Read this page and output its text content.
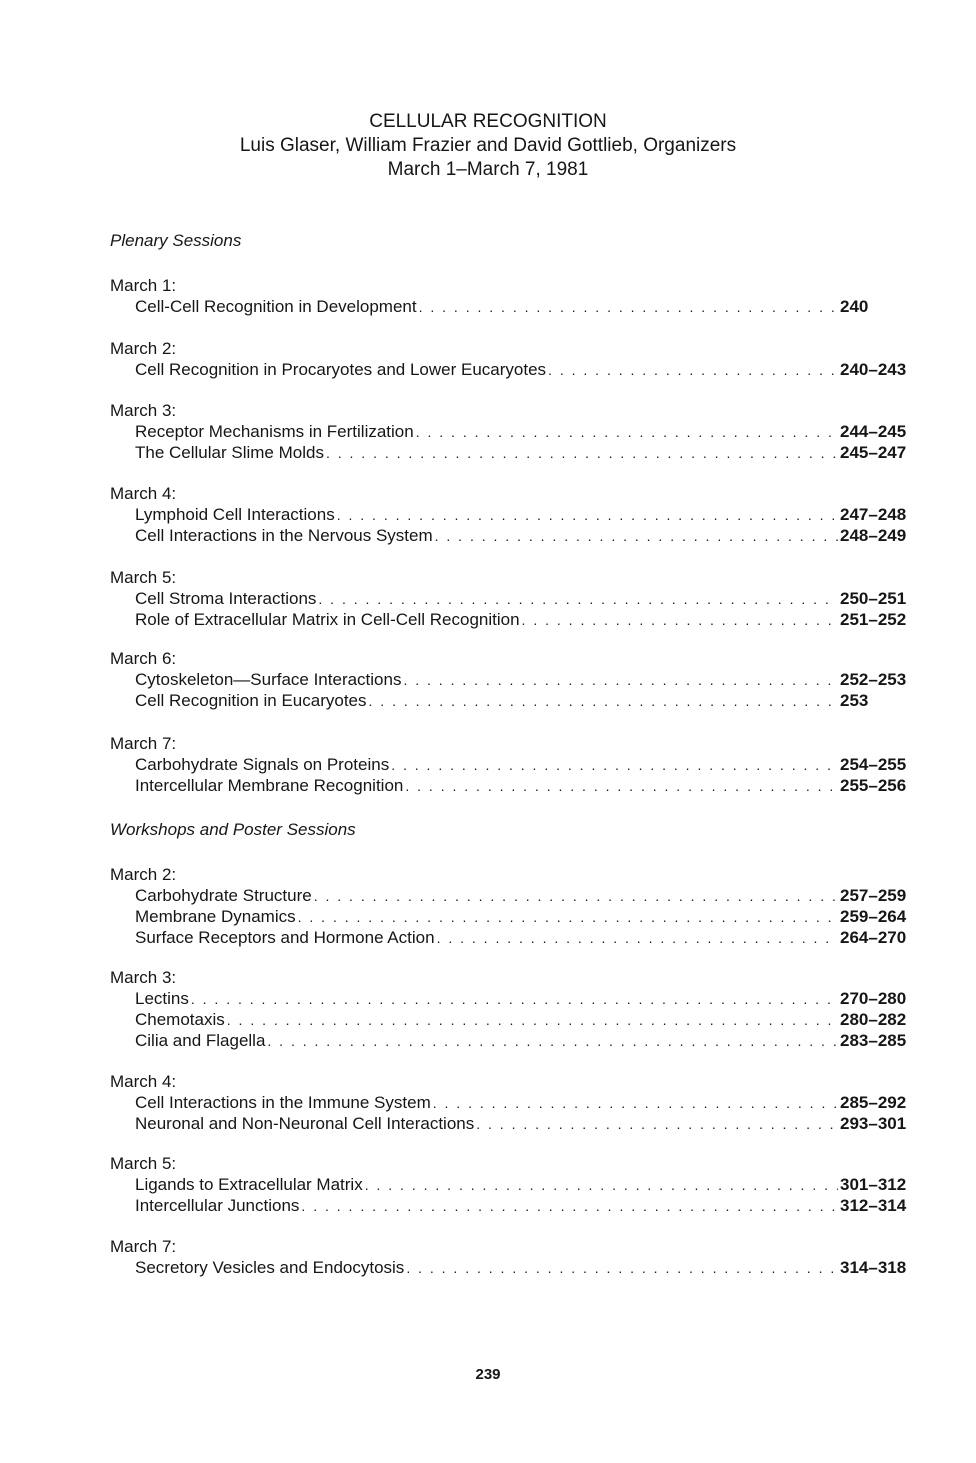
CELLULAR RECOGNITION
Luis Glaser, William Frazier and David Gottlieb, Organizers
March 1–March 7, 1981
Plenary Sessions
March 1:
Cell-Cell Recognition in Development . . .	240
March 2:
Cell Recognition in Procaryotes and Lower Eucaryotes . . .	240–243
March 3:
Receptor Mechanisms in Fertilization . . .	244–245
The Cellular Slime Molds . . .	245–247
March 4:
Lymphoid Cell Interactions . . .	247–248
Cell Interactions in the Nervous System . . .	248–249
March 5:
Cell Stroma Interactions . . .	250–251
Role of Extracellular Matrix in Cell-Cell Recognition . . .	251–252
March 6:
Cytoskeleton—Surface Interactions . . .	252–253
Cell Recognition in Eucaryotes . . .	253
March 7:
Carbohydrate Signals on Proteins . . .	254–255
Intercellular Membrane Recognition . . .	255–256
Workshops and Poster Sessions
March 2:
Carbohydrate Structure . . .	257–259
Membrane Dynamics . . .	259–264
Surface Receptors and Hormone Action . . .	264–270
March 3:
Lectins . . .	270–280
Chemotaxis . . .	280–282
Cilia and Flagella . . .	283–285
March 4:
Cell Interactions in the Immune System . . .	285–292
Neuronal and Non-Neuronal Cell Interactions . . .	293–301
March 5:
Ligands to Extracellular Matrix . . .	301–312
Intercellular Junctions . . .	312–314
March 7:
Secretory Vesicles and Endocytosis . . .	314–318
239
